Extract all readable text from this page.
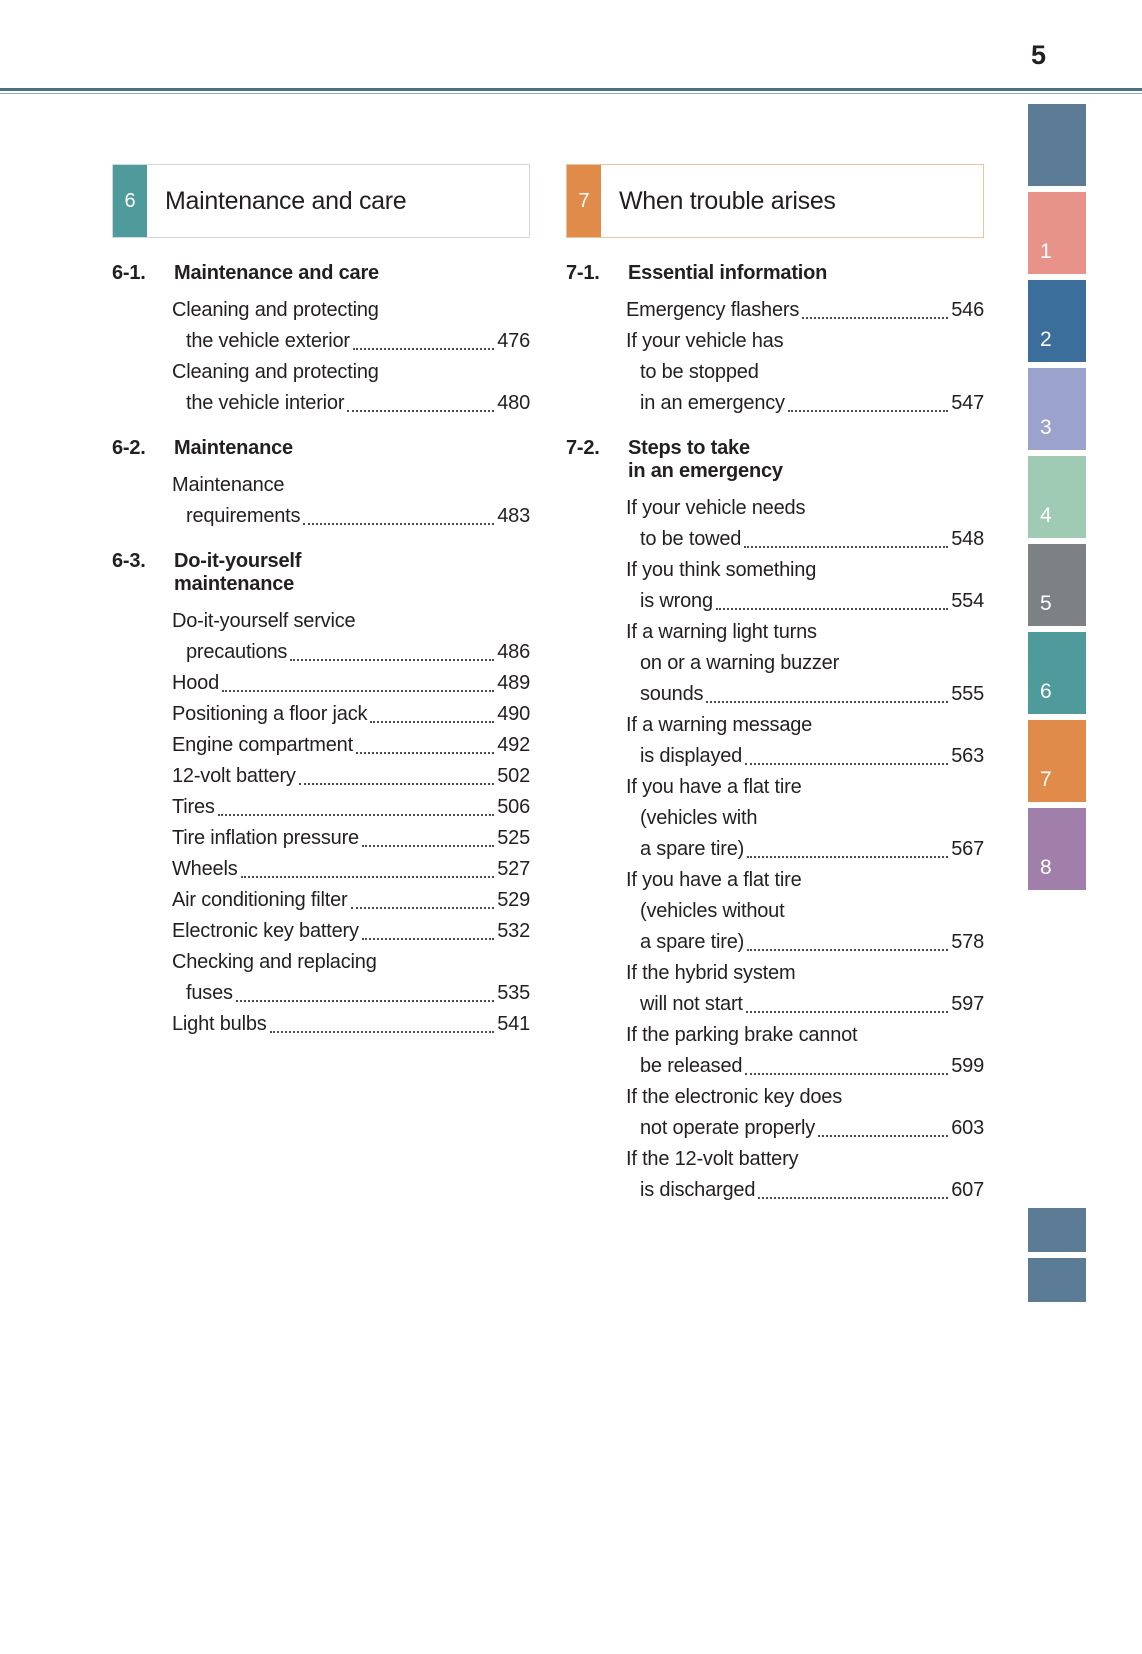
5
1
2
3
4
5
6
7
8
6	Maintenance and care
6-1.	Maintenance and care
Cleaning and protecting
the vehicle exterior	476
Cleaning and protecting
the vehicle interior	480
6-2.	Maintenance
Maintenance
requirements	483
6-3.	Do-it-yourself
maintenance
Do-it-yourself service
precautions	486
Hood	489
Positioning a floor jack	490
Engine compartment	492
12-volt battery	502
Tires	506
Tire inflation pressure	525
Wheels	527
Air conditioning filter	529
Electronic key battery	532
Checking and replacing
fuses	535
Light bulbs	541
7	When trouble arises
7-1.	Essential information
Emergency flashers	546
If your vehicle has
to be stopped
in an emergency	547
7-2.	Steps to take
in an emergency
If your vehicle needs
to be towed	548
If you think something
is wrong	554
If a warning light turns
on or a warning buzzer
sounds	555
If a warning message
is displayed	563
If you have a flat tire
(vehicles with
a spare tire)	567
If you have a flat tire
(vehicles without
a spare tire)	578
If the hybrid system
will not start	597
If the parking brake cannot
be released	599
If the electronic key does
not operate properly	603
If the 12-volt battery
is discharged	607
